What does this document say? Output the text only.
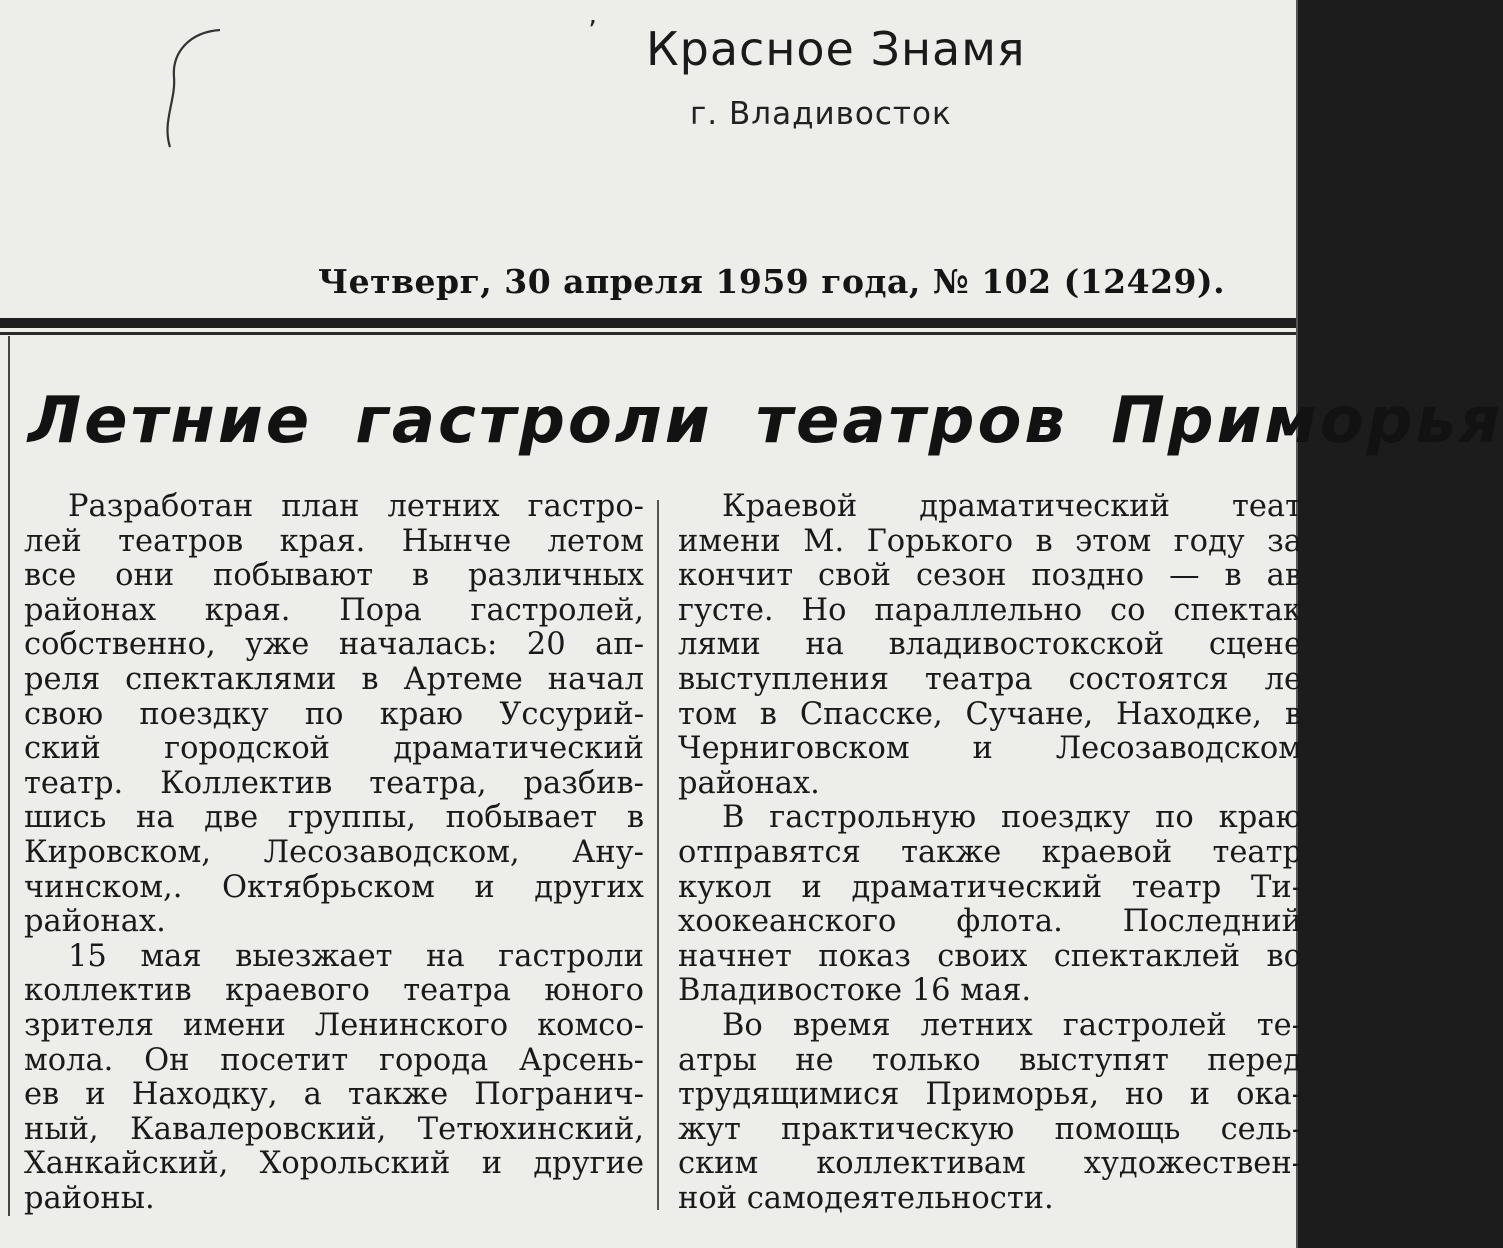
’ Красное Знамя
г. Владивосток
Четверг, 30 апреля 1959 года, № 102 (12429).
Летние гастроли театров Приморья
Разработан план летних гастро-
лей театров края. Нынче летом
все они побывают в различных
районах края. Пора гастролей,
собственно, уже началась: 20 ап-
реля спектаклями в Артеме начал
свою поездку по краю Уссурий-
ский городской драматический
театр. Коллектив театра, разбив-
шись на две группы, побывает в
Кировском, Лесозаводском, Ану-
чинском,. Октябрьском и других
районах.
15 мая выезжает на гастроли
коллектив краевого театра юного
зрителя имени Ленинского комсо-
мола. Он посетит города Арсень-
ев и Находку, а также Погранич-
ный, Кавалеровский, Тетюхинский,
Ханкайский, Хорольский и другие
районы.
Краевой драматический теат
имени М. Горького в этом году за
кончит свой сезон поздно — в ав
густе. Но параллельно со спектак
лями на владивостокской сцене
выступления театра состоятся ле
том в Спасске, Сучане, Находке, в
Черниговском и Лесозаводском
районах.
В гастрольную поездку по краю
отправятся также краевой театр
кукол и драматический театр Ти-
хоокеанского флота. Последний
начнет показ своих спектаклей во
Владивостоке 16 мая.
Во время летних гастролей те-
атры не только выступят перед
трудящимися Приморья, но и ока-
жут практическую помощь сель-
ским коллективам художествен-
ной самодеятельности.
